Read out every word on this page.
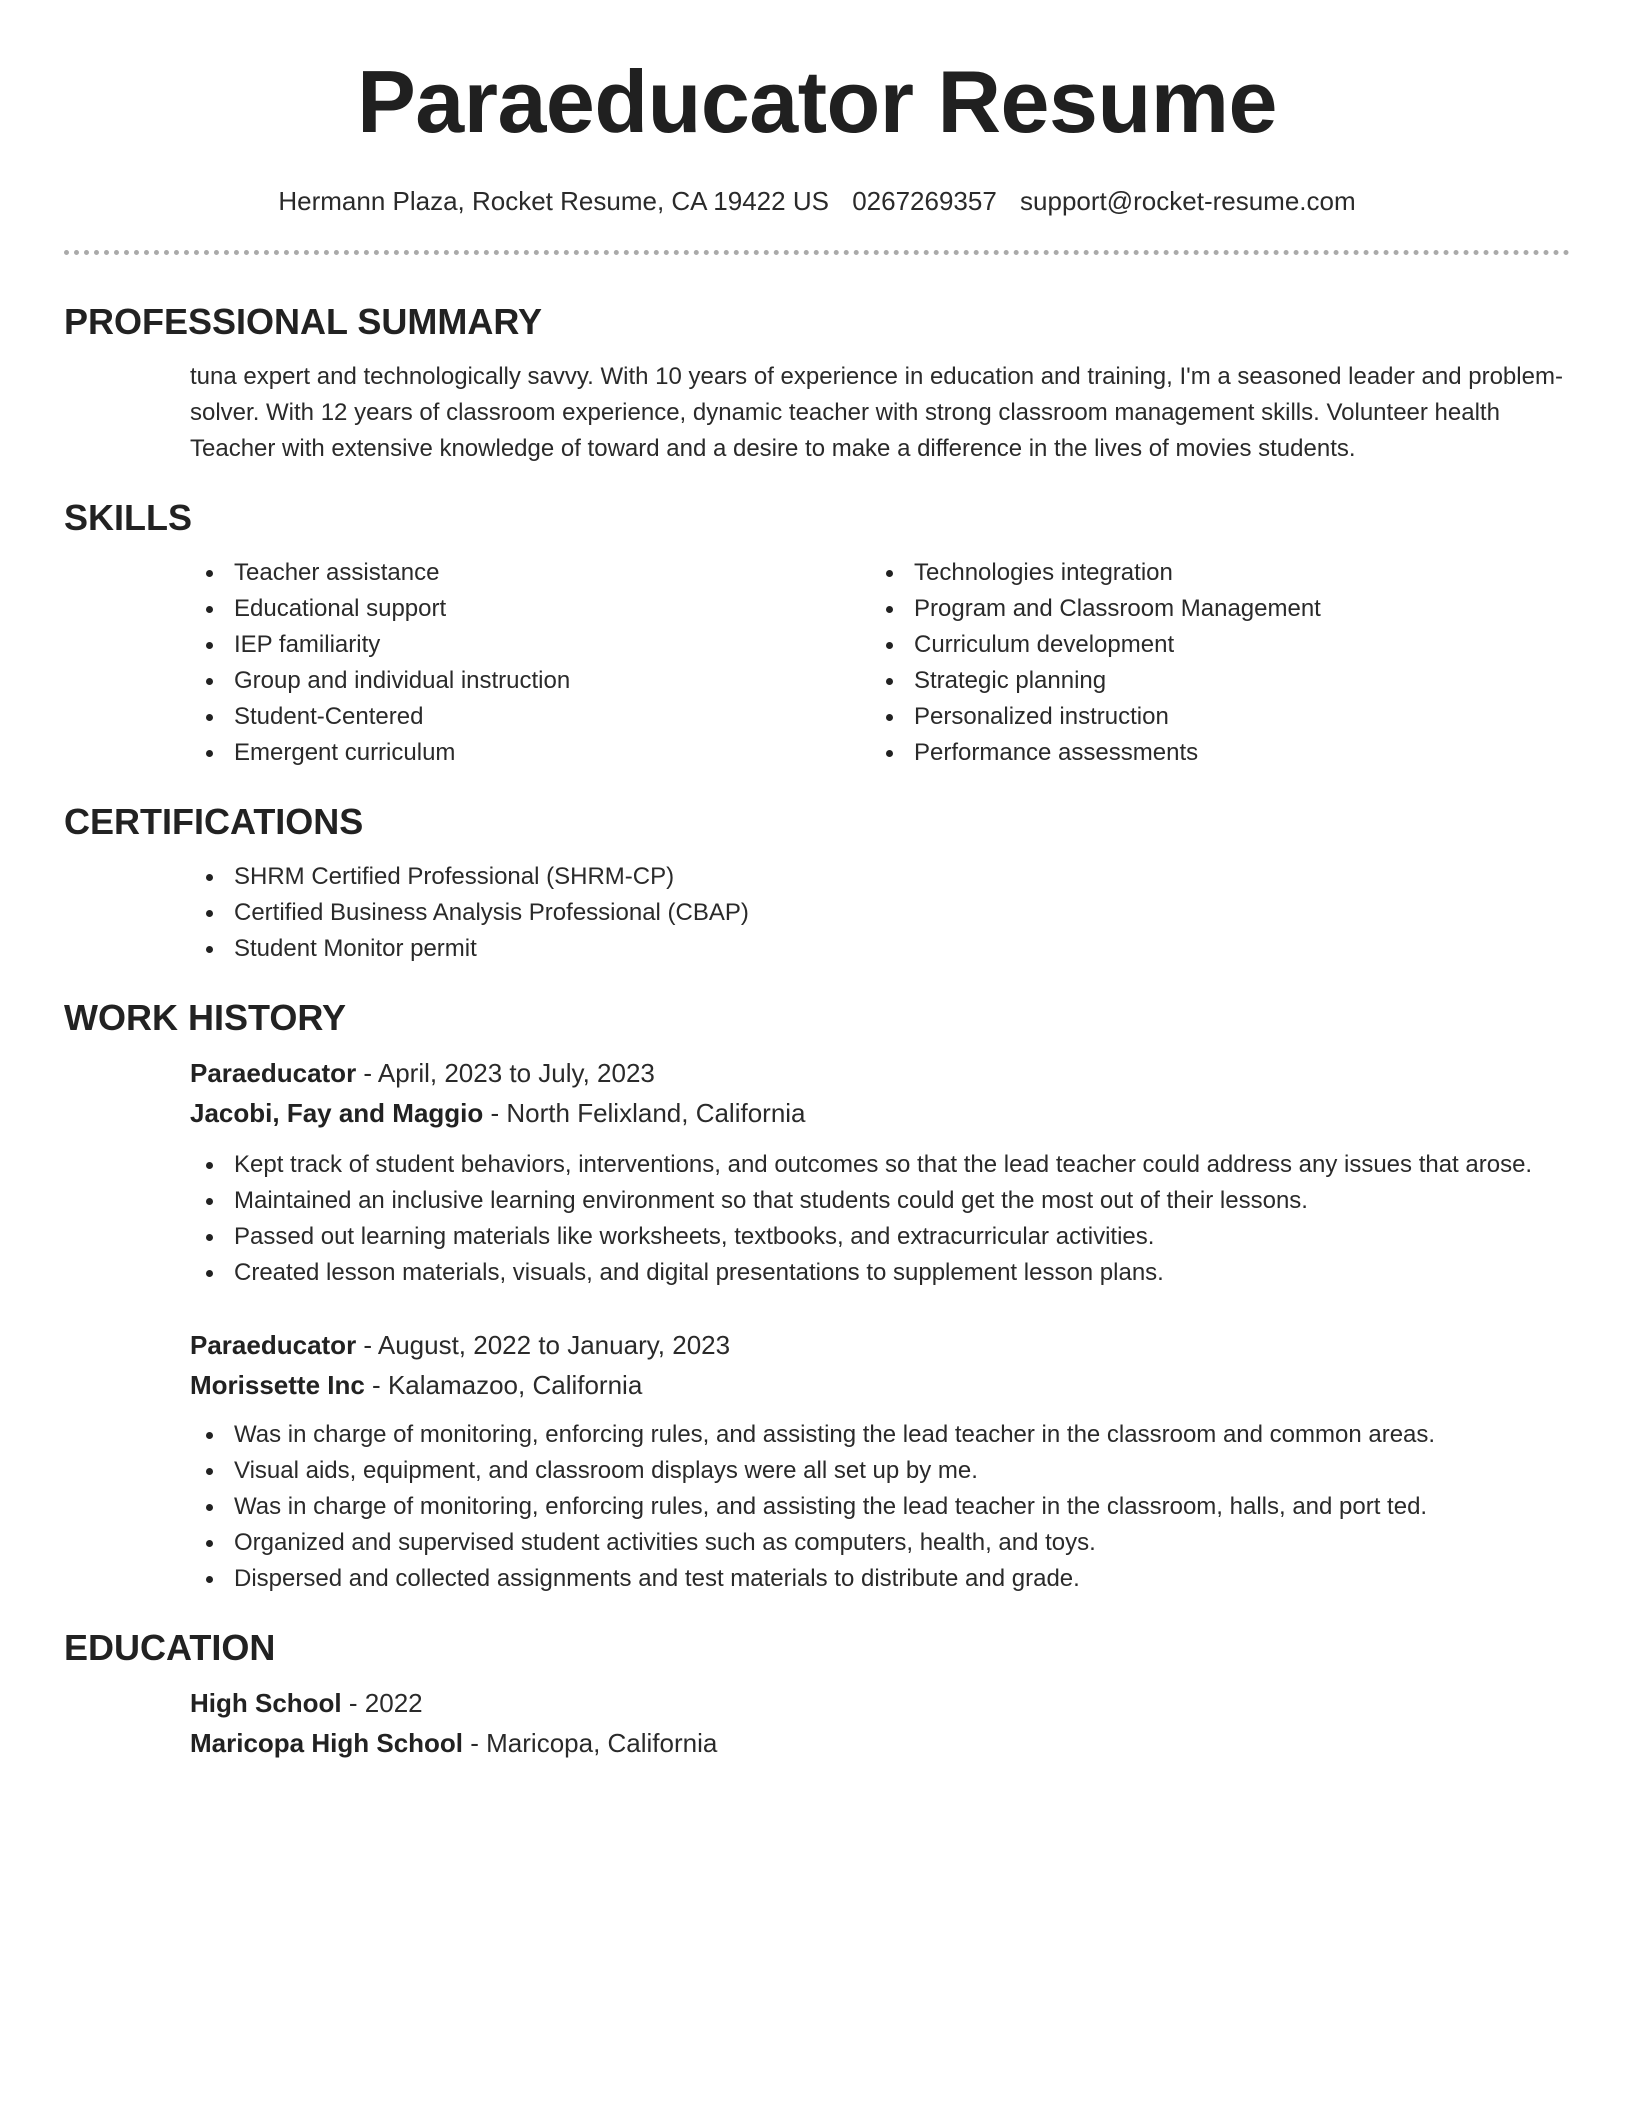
Paraeducator Resume
Hermann Plaza, Rocket Resume, CA 19422 US 0267269357 support@rocket-resume.com
PROFESSIONAL SUMMARY
tuna expert and technologically savvy. With 10 years of experience in education and training, I'm a seasoned leader and problem-solver. With 12 years of classroom experience, dynamic teacher with strong classroom management skills. Volunteer health Teacher with extensive knowledge of toward and a desire to make a difference in the lives of movies students.
SKILLS
Teacher assistance
Educational support
IEP familiarity
Group and individual instruction
Student-Centered
Emergent curriculum
Technologies integration
Program and Classroom Management
Curriculum development
Strategic planning
Personalized instruction
Performance assessments
CERTIFICATIONS
SHRM Certified Professional (SHRM-CP)
Certified Business Analysis Professional (CBAP)
Student Monitor permit
WORK HISTORY
Paraeducator - April, 2023 to July, 2023
Jacobi, Fay and Maggio - North Felixland, California
Kept track of student behaviors, interventions, and outcomes so that the lead teacher could address any issues that arose.
Maintained an inclusive learning environment so that students could get the most out of their lessons.
Passed out learning materials like worksheets, textbooks, and extracurricular activities.
Created lesson materials, visuals, and digital presentations to supplement lesson plans.
Paraeducator - August, 2022 to January, 2023
Morissette Inc - Kalamazoo, California
Was in charge of monitoring, enforcing rules, and assisting the lead teacher in the classroom and common areas.
Visual aids, equipment, and classroom displays were all set up by me.
Was in charge of monitoring, enforcing rules, and assisting the lead teacher in the classroom, halls, and port ted.
Organized and supervised student activities such as computers, health, and toys.
Dispersed and collected assignments and test materials to distribute and grade.
EDUCATION
High School - 2022
Maricopa High School - Maricopa, California
